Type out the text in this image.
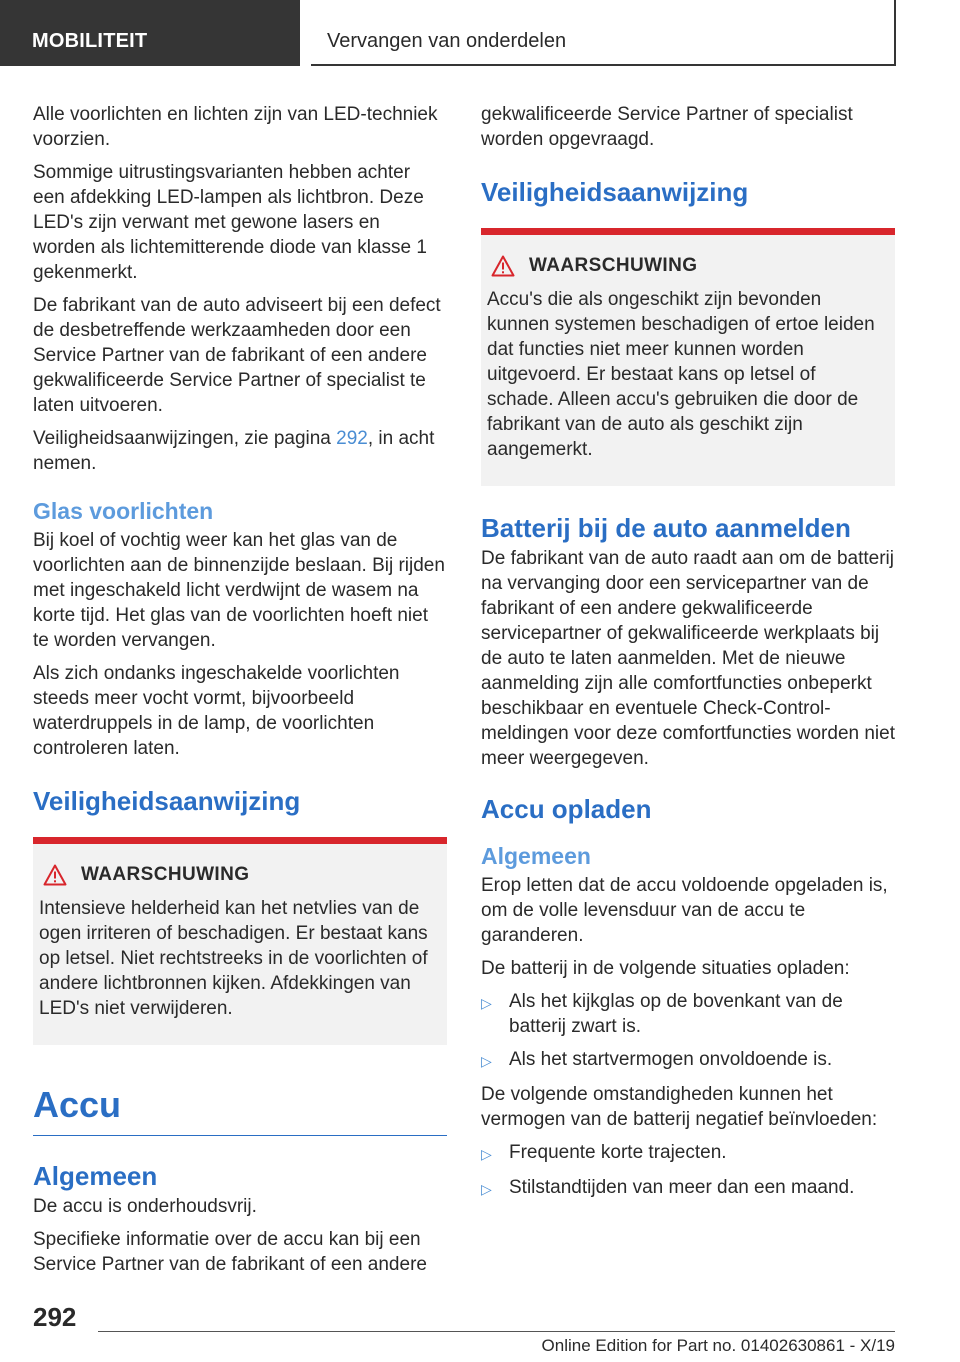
MOBILITEIT	Vervangen van onderdelen

Alle voorlichten en lichten zijn van LED-techniek voorzien.

Sommige uitrustingsvarianten hebben achter een afdekking LED-lampen als lichtbron. Deze LED's zijn verwant met gewone lasers en worden als lichtemitterende diode van klasse 1 gekenmerkt.

De fabrikant van de auto adviseert bij een defect de desbetreffende werkzaamheden door een Service Partner van de fabrikant of een andere gekwalificeerde Service Partner of specialist te laten uitvoeren.

Veiligheidsaanwijzingen, zie pagina 292, in acht nemen.

Glas voorlichten

Bij koel of vochtig weer kan het glas van de voorlichten aan de binnenzijde beslaan. Bij rijden met ingeschakeld licht verdwijnt de wasem na korte tijd. Het glas van de voorlichten hoeft niet te worden vervangen.

Als zich ondanks ingeschakelde voorlichten steeds meer vocht vormt, bijvoorbeeld waterdruppels in de lamp, de voorlichten controleren laten.

Veiligheidsaanwijzing
WAARSCHUWING

Intensieve helderheid kan het netvlies van de ogen irriteren of beschadigen. Er bestaat kans op letsel. Niet rechtstreeks in de voorlichten of andere lichtbronnen kijken. Afdekkingen van LED's niet verwijderen.

Accu
Algemeen

De accu is onderhoudsvrij.

Specifieke informatie over de accu kan bij een Service Partner van de fabrikant of een andere

gekwalificeerde Service Partner of specialist worden opgevraagd.

Veiligheidsaanwijzing
WAARSCHUWING

Accu's die als ongeschikt zijn bevonden kunnen systemen beschadigen of ertoe leiden dat functies niet meer kunnen worden uitgevoerd. Er bestaat kans op letsel of schade. Alleen accu's gebruiken die door de fabrikant van de auto als geschikt zijn aangemerkt.

Batterij bij de auto aanmelden

De fabrikant van de auto raadt aan om de batterij na vervanging door een servicepartner van de fabrikant of een andere gekwalificeerde servicepartner of gekwalificeerde werkplaats bij de auto te laten aanmelden. Met de nieuwe aanmelding zijn alle comfortfuncties onbeperkt beschikbaar en eventuele Check-Control-meldingen voor deze comfortfuncties worden niet meer weergegeven.

Accu opladen
Algemeen

Erop letten dat de accu voldoende opgeladen is, om de volle levensduur van de accu te garanderen.

De batterij in de volgende situaties opladen:

▷ Als het kijkglas op de bovenkant van de batterij zwart is.
▷ Als het startvermogen onvoldoende is.

De volgende omstandigheden kunnen het vermogen van de batterij negatief beïnvloeden:

▷ Frequente korte trajecten.
▷ Stilstandtijden van meer dan een maand.
292
Online Edition for Part no. 01402630861 - X/19
